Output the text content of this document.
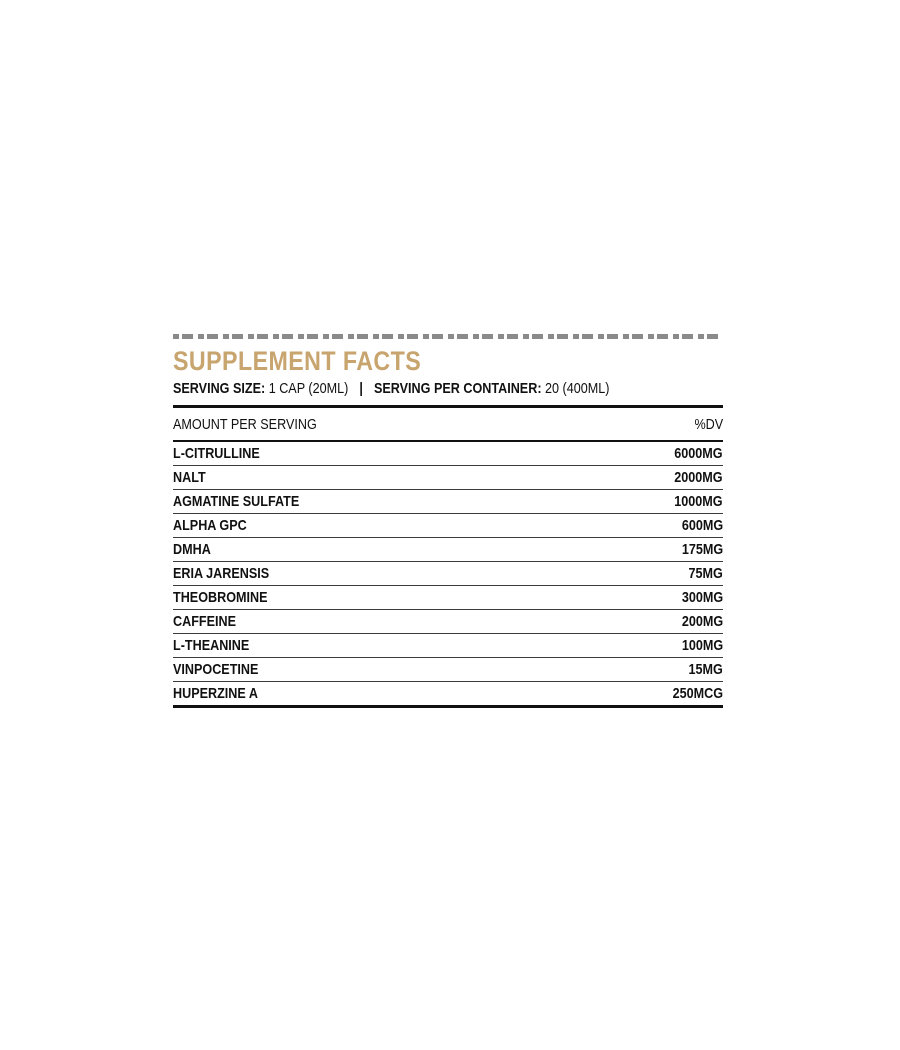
SUPPLEMENT FACTS
SERVING SIZE: 1 CAP (20ML) | SERVING PER CONTAINER: 20 (400ML)
AMOUNT PER SERVING	%DV
L-CITRULLINE	6000MG
NALT	2000MG
AGMATINE SULFATE	1000MG
ALPHA GPC	600MG
DMHA	175MG
ERIA JARENSIS	75MG
THEOBROMINE	300MG
CAFFEINE	200MG
L-THEANINE	100MG
VINPOCETINE	15MG
HUPERZINE A	250MCG
